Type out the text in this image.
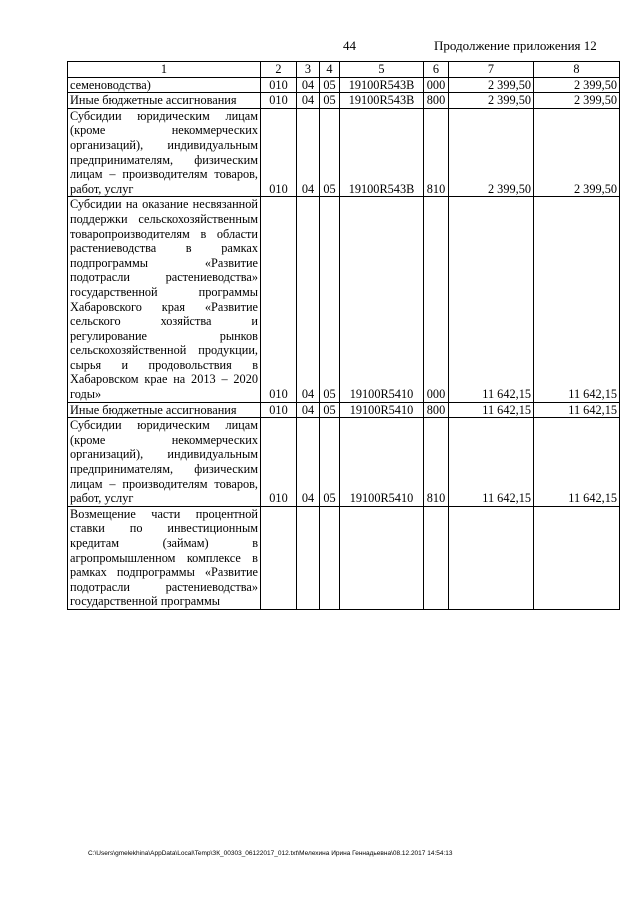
44	Продолжение приложения 12
1	2	3	4	5	6	7	8
семеноводства)	010	04	05	19100R543B	000	2 399,50	2 399,50
Иные бюджетные ассигнования	010	04	05	19100R543B	800	2 399,50	2 399,50
Субсидии юридическим лицам (кроме некоммерческих организаций), индивидуальным предпринимателям, физическим лицам – производителям товаров, работ, услуг	010	04	05	19100R543B	810	2 399,50	2 399,50
Субсидии на оказание несвязанной поддержки сельскохозяйственным товаропроизводителям в области растениеводства в рамках подпрограммы «Развитие подотрасли растениеводства» государственной программы Хабаровского края «Развитие сельского хозяйства и регулирование рынков сельскохозяйственной продукции, сырья и продовольствия в Хабаровском крае на 2013 – 2020 годы»	010	04	05	19100R5410	000	11 642,15	11 642,15
Иные бюджетные ассигнования	010	04	05	19100R5410	800	11 642,15	11 642,15
Субсидии юридическим лицам (кроме некоммерческих организаций), индивидуальным предпринимателям, физическим лицам – производителям товаров, работ, услуг	010	04	05	19100R5410	810	11 642,15	11 642,15
Возмещение части процентной ставки по инвестиционным кредитам (займам) в агропромышленном комплексе в рамках подпрограммы «Развитие подотрасли растениеводства» государственной программы							
C:\Users\gmelekhina\AppData\Local\Temp\ЗК_00303_06122017_012.txt\Мелехина Ирина Геннадьевна\08.12.2017 14:54:13
